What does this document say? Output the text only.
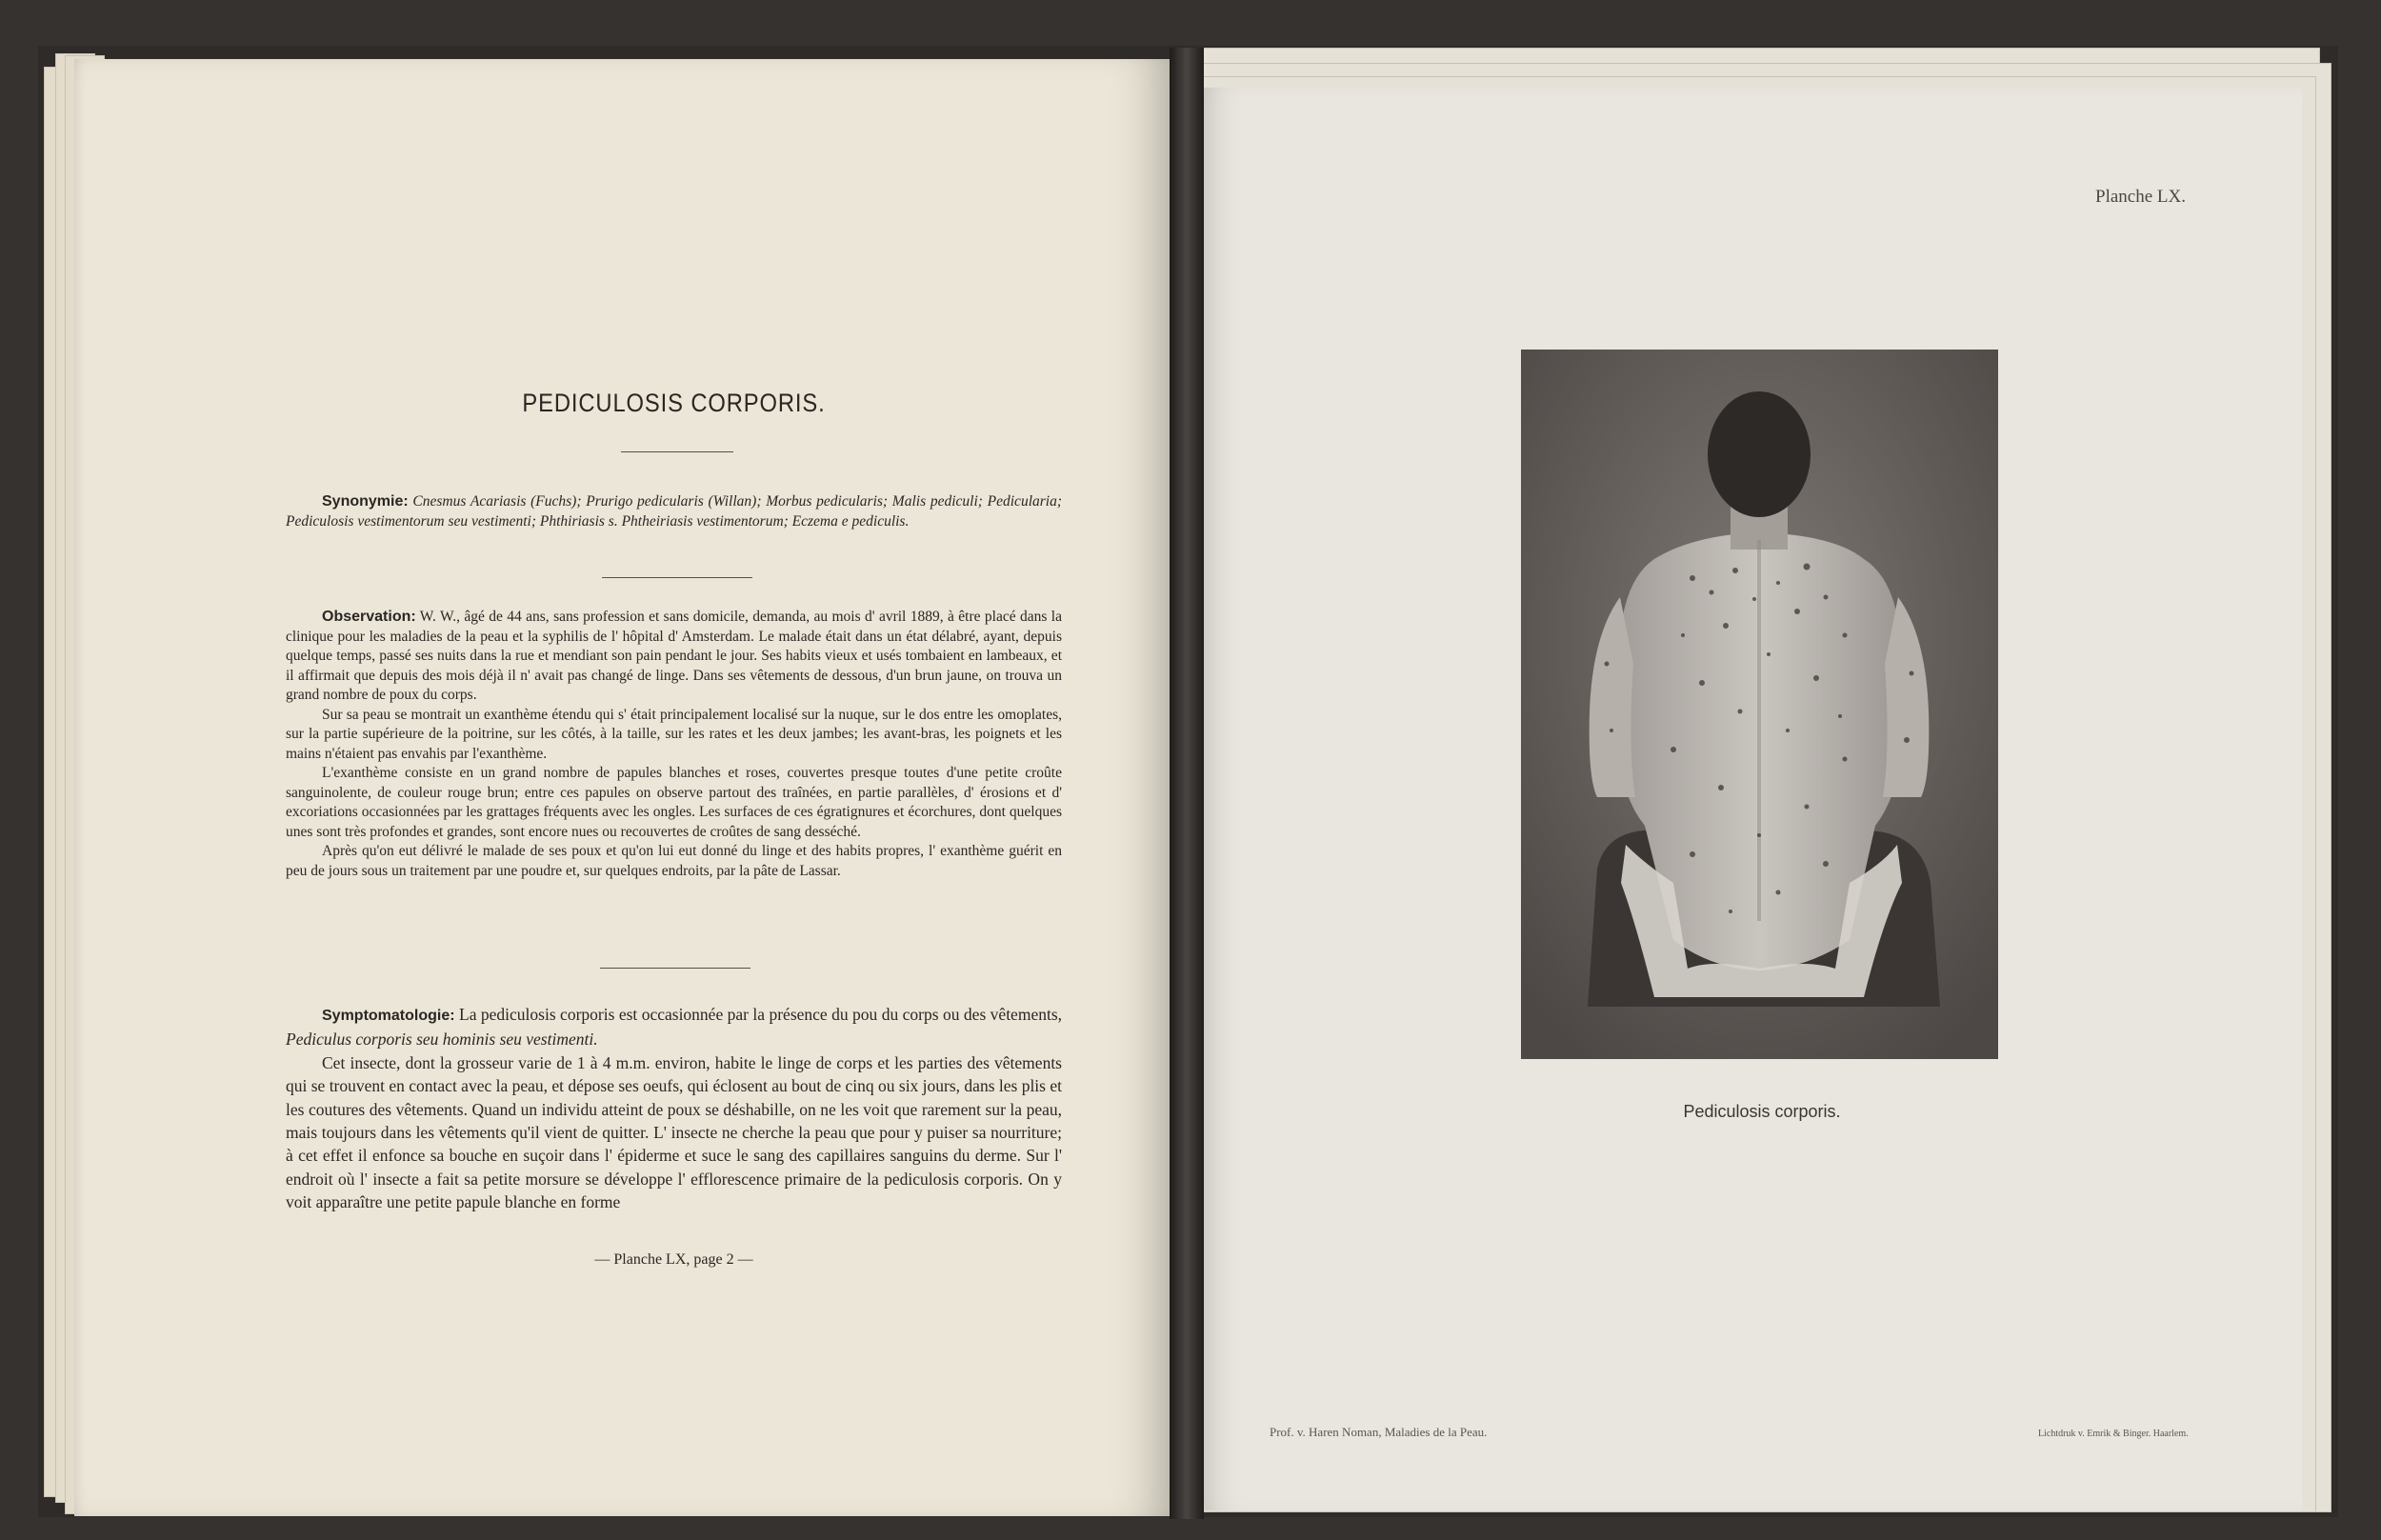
PEDICULOSIS CORPORIS.

Synonymie: Cnesmus Acariasis (Fuchs); Prurigo pedicularis (Willan); Morbus pedicularis; Malis pediculi; Pedicularia; Pediculosis vestimentorum seu vestimenti; Phthiriasis s. Phtheiriasis vestimentorum; Eczema e pediculis.

Observation: W. W., âgé de 44 ans, sans profession et sans domicile, demanda, au mois d' avril 1889, à être placé dans la clinique pour les maladies de la peau et la syphilis de l' hôpital d' Amsterdam. Le malade était dans un état délabré, ayant, depuis quelque temps, passé ses nuits dans la rue et mendiant son pain pendant le jour. Ses habits vieux et usés tombaient en lambeaux, et il affirmait que depuis des mois déjà il n' avait pas changé de linge. Dans ses vêtements de dessous, d'un brun jaune, on trouva un grand nombre de poux du corps.

Sur sa peau se montrait un exanthème étendu qui s' était principalement localisé sur la nuque, sur le dos entre les omoplates, sur la partie supérieure de la poitrine, sur les côtés, à la taille, sur les rates et les deux jambes; les avant-bras, les poignets et les mains n'étaient pas envahis par l'exanthème.

L'exanthème consiste en un grand nombre de papules blanches et roses, couvertes presque toutes d'une petite croûte sanguinolente, de couleur rouge brun; entre ces papules on observe partout des traînées, en partie parallèles, d' érosions et d' excoriations occasionnées par les grattages fréquents avec les ongles. Les surfaces de ces égratignures et écorchures, dont quelques unes sont très profondes et grandes, sont encore nues ou recouvertes de croûtes de sang desséché.

Après qu'on eut délivré le malade de ses poux et qu'on lui eut donné du linge et des habits propres, l' exanthème guérit en peu de jours sous un traitement par une poudre et, sur quelques endroits, par la pâte de Lassar.

Symptomatologie: La pediculosis corporis est occasionnée par la présence du pou du corps ou des vêtements, Pediculus corporis seu hominis seu vestimenti.

Cet insecte, dont la grosseur varie de 1 à 4 m.m. environ, habite le linge de corps et les parties des vêtements qui se trouvent en contact avec la peau, et dépose ses oeufs, qui éclosent au bout de cinq ou six jours, dans les plis et les coutures des vêtements. Quand un individu atteint de poux se déshabille, on ne les voit que rarement sur la peau, mais toujours dans les vêtements qu'il vient de quitter. L' insecte ne cherche la peau que pour y puiser sa nourriture; à cet effet il enfonce sa bouche en suçoir dans l' épiderme et suce le sang des capillaires sanguins du derme. Sur l' endroit où l' insecte a fait sa petite morsure se développe l' efflorescence primaire de la pediculosis corporis. On y voit apparaître une petite papule blanche en forme

— Planche LX, page 2 —
Planche LX.
Pediculosis corporis.
Prof. v. Haren Noman, Maladies de la Peau.	Lichtdruk v. Emrik & Binger. Haarlem.
